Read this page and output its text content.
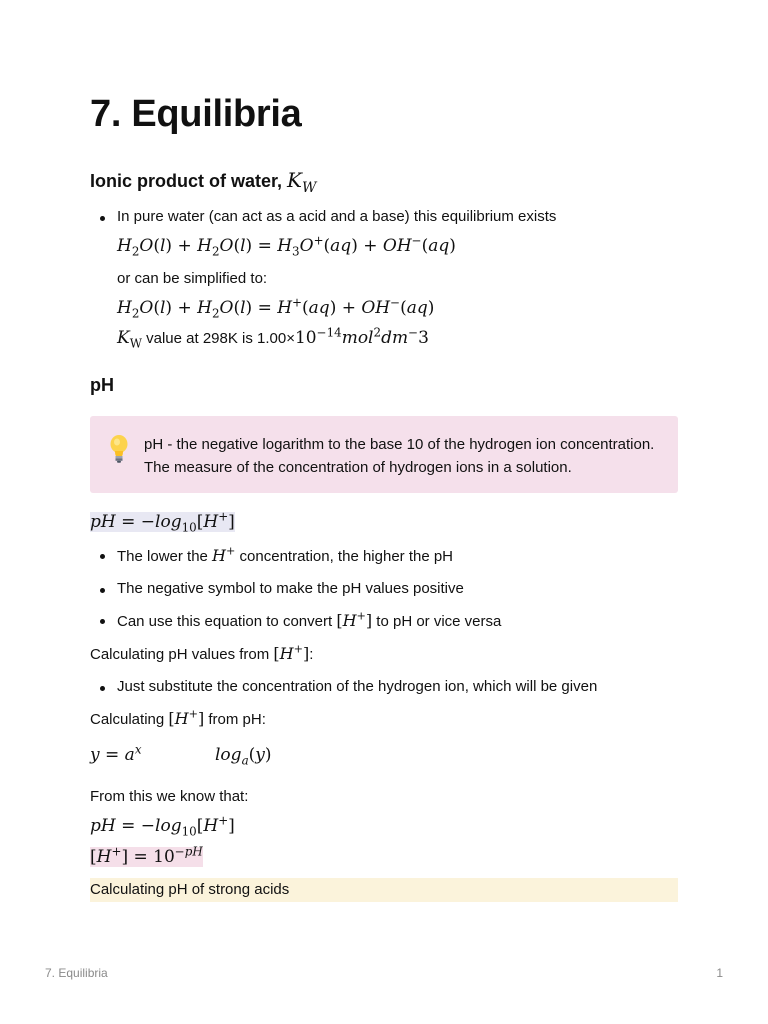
7. Equilibria
Ionic product of water, $K_W$
In pure water (can act as a acid and a base) this equilibrium exists
$H_2O(l) + H_2O(l) = H_3O^+(aq) + OH^-(aq)$
or can be simplified to:
$H_2O(l) + H_2O(l) = H^+(aq) + OH^-(aq)$
$K_W$ value at 298K is $1.00\times 10^{-14}mol^2dm^-3$
pH
pH - the negative logarithm to the base 10 of the hydrogen ion concentration.
The measure of the concentration of hydrogen ions in a solution.
pH = $-\log_{10}[H^+]$
The lower the H+ concentration, the higher the pH
The negative symbol to make the pH values positive
Can use this equation to convert [H+] to pH or vice versa
Calculating pH values from [H+]:
Just substitute the concentration of the hydrogen ion, which will be given
Calculating [H+] from pH:
$y = a^x$	$\log_a(y)$
From this we know that:
pH = $-\log_{10}[H^+]$
$[H^+] = 10^{-pH}$
Calculating pH of strong acids
7. Equilibria	1
